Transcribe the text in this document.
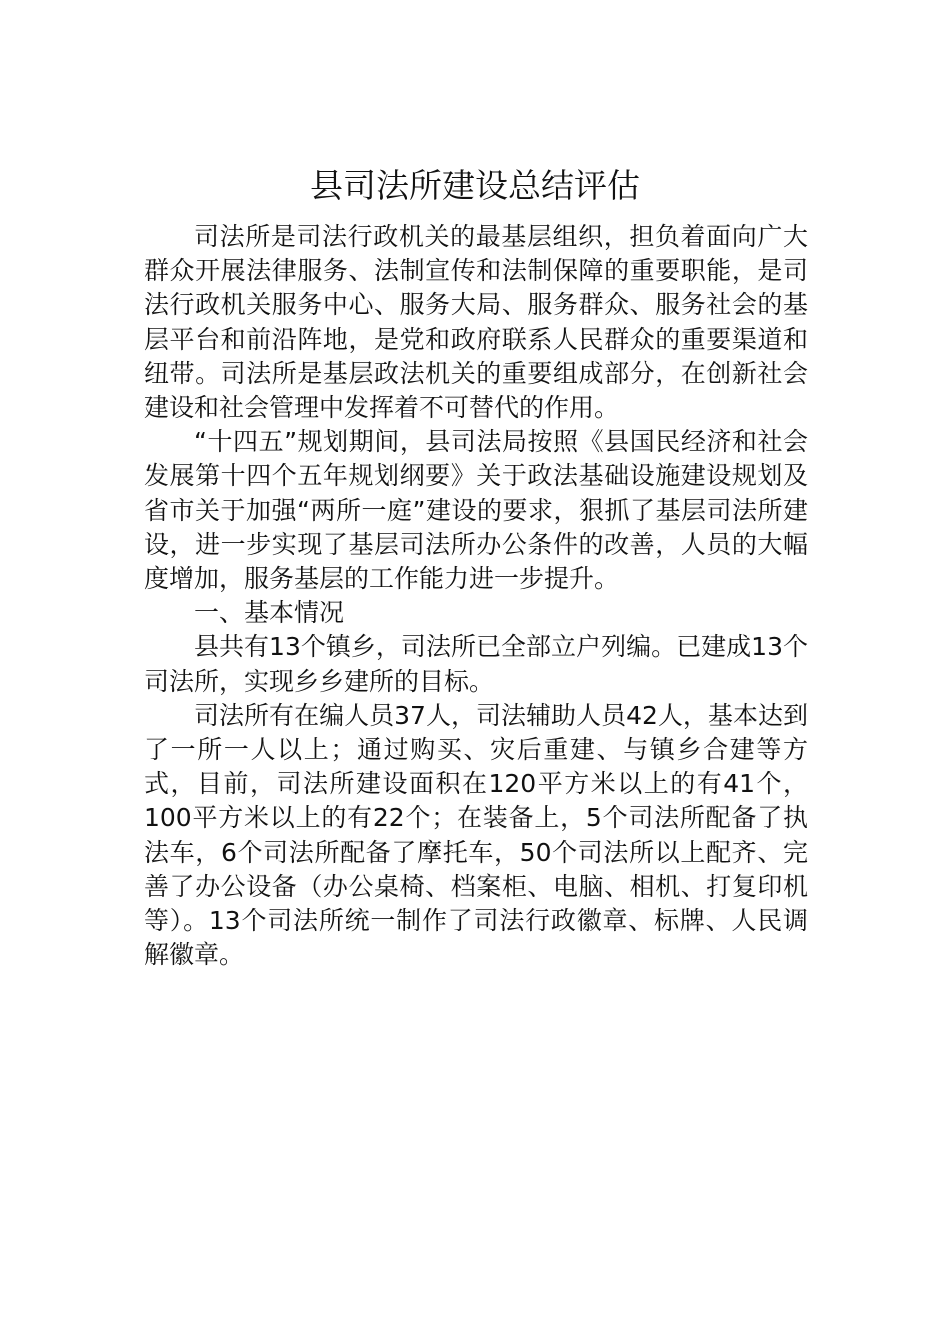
县司法所建设总结评估

司法所是司法行政机关的最基层组织，担负着面向广大群众开展法律服务、法制宣传和法制保障的重要职能，是司法行政机关服务中心、服务大局、服务群众、服务社会的基层平台和前沿阵地，是党和政府联系人民群众的重要渠道和纽带。司法所是基层政法机关的重要组成部分，在创新社会建设和社会管理中发挥着不可替代的作用。

“十四五”规划期间，县司法局按照《县国民经济和社会发展第十四个五年规划纲要》关于政法基础设施建设规划及省市关于加强“两所一庭”建设的要求，狠抓了基层司法所建设，进一步实现了基层司法所办公条件的改善，人员的大幅度增加，服务基层的工作能力进一步提升。

一、基本情况

县共有13个镇乡，司法所已全部立户列编。已建成13个司法所，实现乡乡建所的目标。

司法所有在编人员37人，司法辅助人员42人，基本达到了一所一人以上；通过购买、灾后重建、与镇乡合建等方式，目前，司法所建设面积在120平方米以上的有41个，100平方米以上的有22个；在装备上，5个司法所配备了执法车，6个司法所配备了摩托车，50个司法所以上配齐、完善了办公设备（办公桌椅、档案柜、电脑、相机、打复印机等）。13个司法所统一制作了司法行政徽章、标牌、人民调解徽章。
